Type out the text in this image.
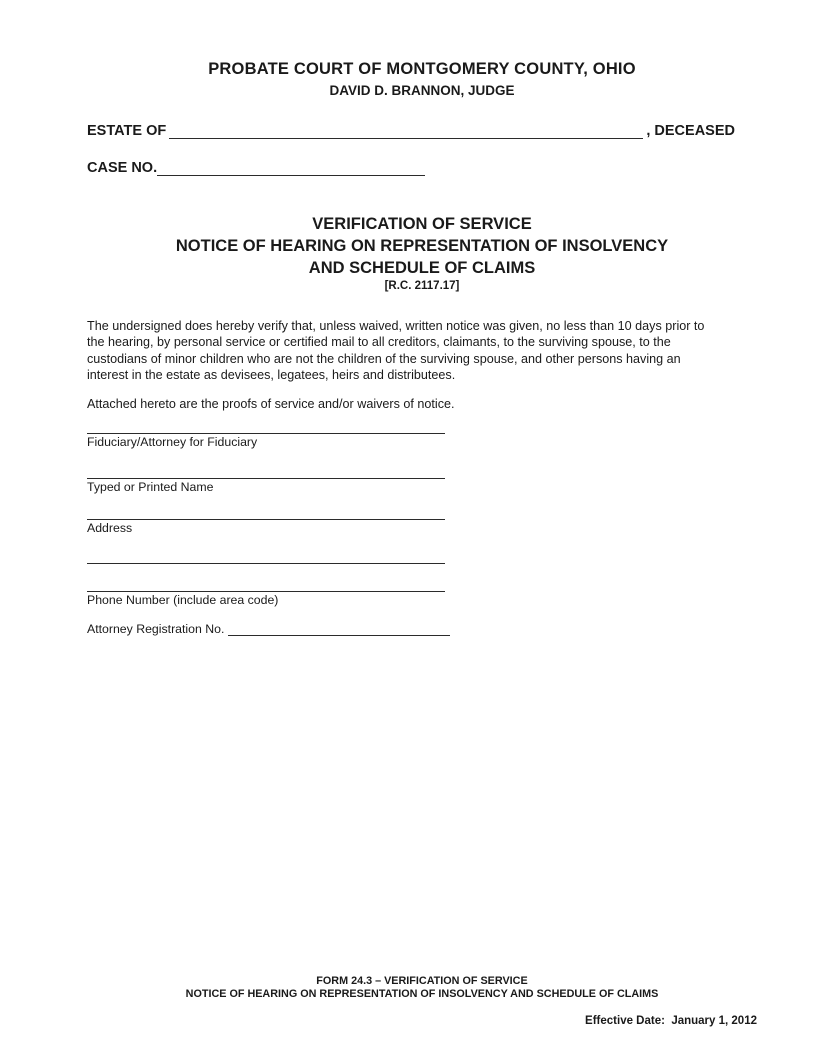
PROBATE COURT OF MONTGOMERY COUNTY, OHIO
DAVID D. BRANNON, JUDGE
ESTATE OF	, DECEASED
CASE NO.
VERIFICATION OF SERVICE
NOTICE OF HEARING ON REPRESENTATION OF INSOLVENCY
AND SCHEDULE OF CLAIMS
[R.C. 2117.17]

The undersigned does hereby verify that, unless waived, written notice was given, no less than 10 days prior to the hearing, by personal service or certified mail to all creditors, claimants, to the surviving spouse, to the custodians of minor children who are not the children of the surviving spouse, and other persons having an interest in the estate as devisees, legatees, heirs and distributees.

Attached hereto are the proofs of service and/or waivers of notice.

Fiduciary/Attorney for Fiduciary
Typed or Printed Name
Address
Phone Number (include area code)
Attorney Registration No.
FORM 24.3 – VERIFICATION OF SERVICE
NOTICE OF HEARING ON REPRESENTATION OF INSOLVENCY AND SCHEDULE OF CLAIMS
Effective Date:  January 1, 2012
